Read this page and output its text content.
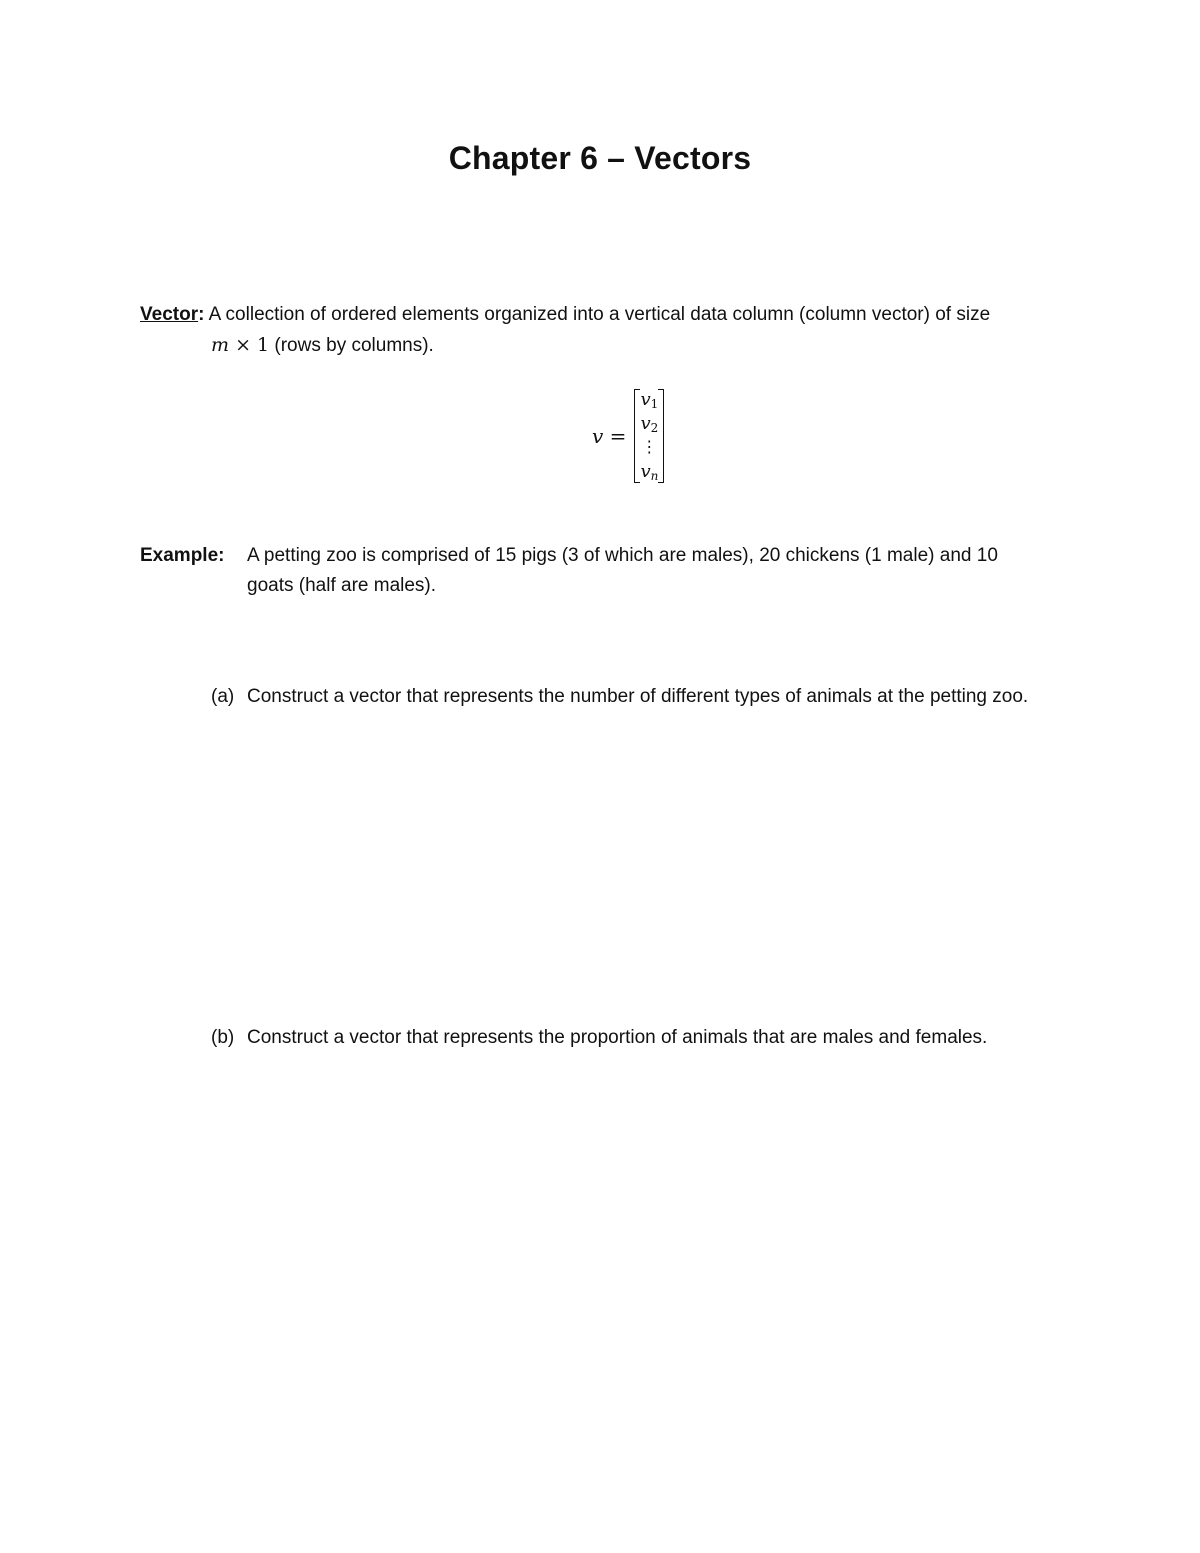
Chapter 6 – Vectors
Vector: A collection of ordered elements organized into a vertical data column (column vector) of size
m × 1 (rows by columns).
v =
$v_1$
$v_2$
⋮
$v_n$
Example: A petting zoo is comprised of 15 pigs (3 of which are males), 20 chickens (1 male) and 10 goats (half are males).
(a) Construct a vector that represents the number of different types of animals at the petting zoo.
(b) Construct a vector that represents the proportion of animals that are males and females.
